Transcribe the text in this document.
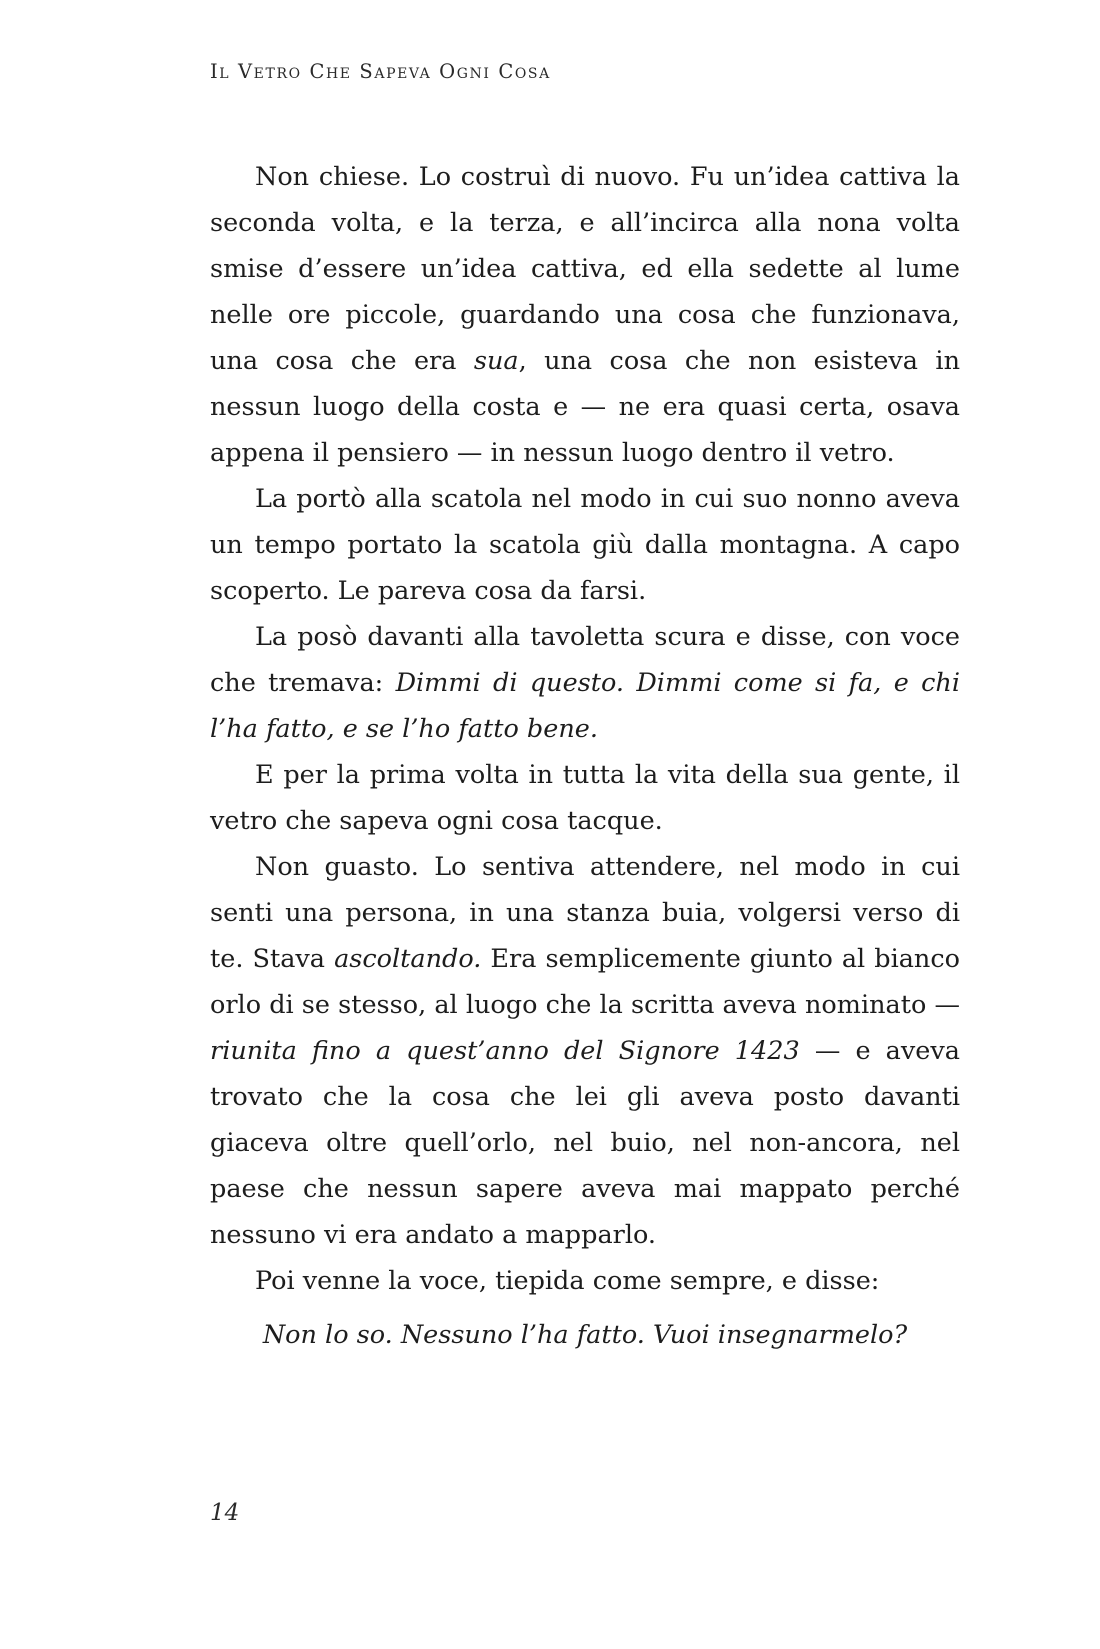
Il Vetro Che Sapeva Ogni Cosa

Non chiese. Lo costruì di nuovo. Fu un’idea cattiva la seconda volta, e la terza, e all’incirca alla nona volta smise d’essere un’idea cattiva, ed ella sedette al lume nelle ore piccole, guardando una cosa che funzionava, una cosa che era sua, una cosa che non esisteva in nessun luogo della costa e — ne era quasi certa, osava appena il pensiero — in nessun luogo dentro il vetro.

La portò alla scatola nel modo in cui suo nonno aveva un tempo portato la scatola giù dalla montagna. A capo scoperto. Le pareva cosa da farsi.

La posò davanti alla tavoletta scura e disse, con voce che tremava: Dimmi di questo. Dimmi come si fa, e chi l’ha fatto, e se l’ho fatto bene.

E per la prima volta in tutta la vita della sua gente, il vetro che sapeva ogni cosa tacque.

Non guasto. Lo sentiva attendere, nel modo in cui senti una persona, in una stanza buia, volgersi verso di te. Stava ascoltando. Era semplicemente giunto al bianco orlo di se stesso, al luogo che la scritta aveva nominato — riunita fino a quest’anno del Signore 1423 — e aveva trovato che la cosa che lei gli aveva posto davanti giaceva oltre quell’orlo, nel buio, nel non-ancora, nel paese che nessun sapere aveva mai mappato perché nessuno vi era andato a mapparlo.

Poi venne la voce, tiepida come sempre, e disse:

Non lo so. Nessuno l’ha fatto. Vuoi insegnarmelo?
14
